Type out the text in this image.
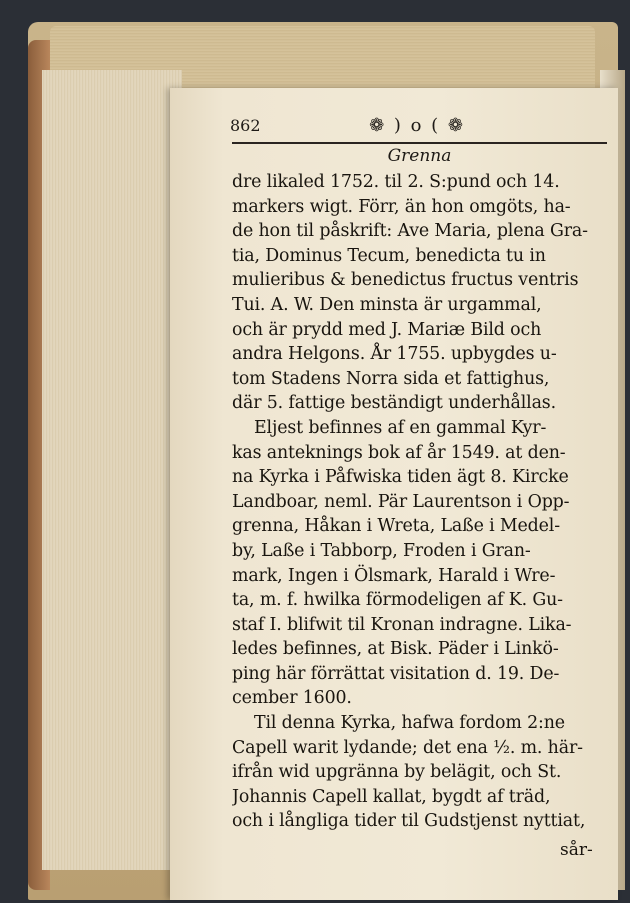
862	❁ ) o ( ❁
Grenna
dre likaled 1752. til 2. S:pund och 14.
markers wigt. Förr, än hon omgöts, ha-
de hon til påskrift: Ave Maria, plena Gra-
tia, Dominus Tecum, benedicta tu in
mulieribus & benedictus fructus ventris
Tui. A. W. Den minsta är urgammal,
och är prydd med J. Mariæ Bild och
andra Helgons. År 1755. upbygdes u-
tom Stadens Norra sida et fattighus,
där 5. fattige beständigt underhållas.
Eljest befinnes af en gammal Kyr-
kas anteknings bok af år 1549. at den-
na Kyrka i Påfwiska tiden ägt 8. Kircke
Landboar, neml. Pär Laurentson i Opp-
grenna, Håkan i Wreta, Laße i Medel-
by, Laße i Tabborp, Froden i Gran-
mark, Ingen i Ölsmark, Harald i Wre-
ta, m. f. hwilka förmodeligen af K. Gu-
staf I. blifwit til Kronan indragne. Lika-
ledes befinnes, at Bisk. Päder i Linkö-
ping här förrättat visitation d. 19. De-
cember 1600.
Til denna Kyrka, hafwa fordom 2:ne
Capell warit lydande; det ena ½. m. här-
ifrån wid upgränna by belägit, och St.
Johannis Capell kallat, bygdt af träd,
och i långliga tider til Gudstjenst nyttiat,
sår-
